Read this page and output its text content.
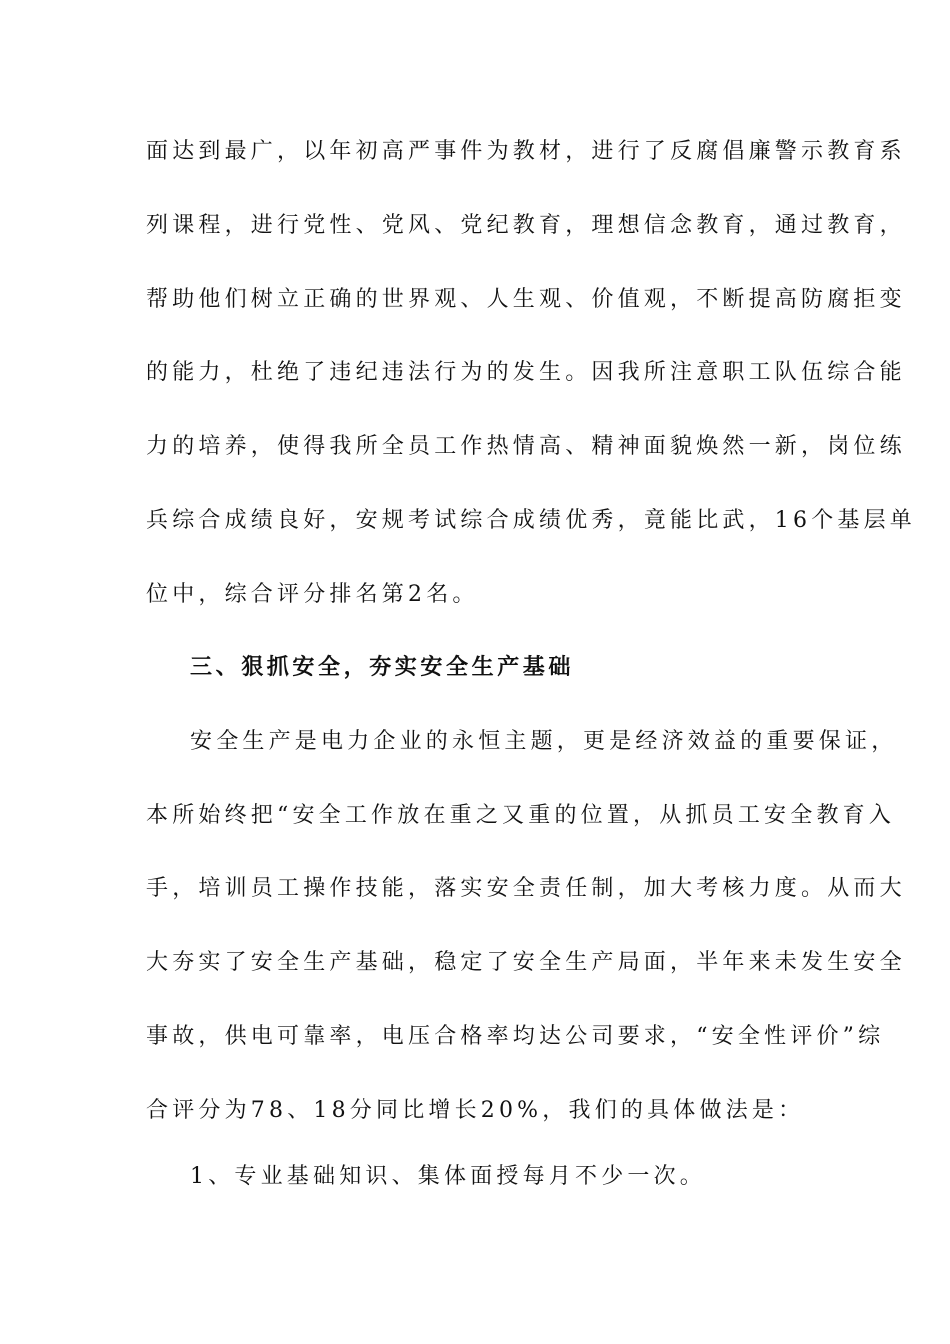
面达到最广，以年初高严事件为教材，进行了反腐倡廉警示教育系
列课程，进行党性、党风、党纪教育，理想信念教育，通过教育，
帮助他们树立正确的世界观、人生观、价值观，不断提高防腐拒变
的能力，杜绝了违纪违法行为的发生。因我所注意职工队伍综合能
力的培养，使得我所全员工作热情高、精神面貌焕然一新，岗位练
兵综合成绩良好，安规考试综合成绩优秀，竟能比武，16个基层单
位中，综合评分排名第2名。
三、狠抓安全，夯实安全生产基础
安全生产是电力企业的永恒主题，更是经济效益的重要保证，
本所始终把“安全工作放在重之又重的位置，从抓员工安全教育入
手，培训员工操作技能，落实安全责任制，加大考核力度。从而大
大夯实了安全生产基础，稳定了安全生产局面，半年来未发生安全
事故，供电可靠率，电压合格率均达公司要求，“安全性评价”综
合评分为78、18分同比增长20%，我们的具体做法是：
1、专业基础知识、集体面授每月不少一次。
